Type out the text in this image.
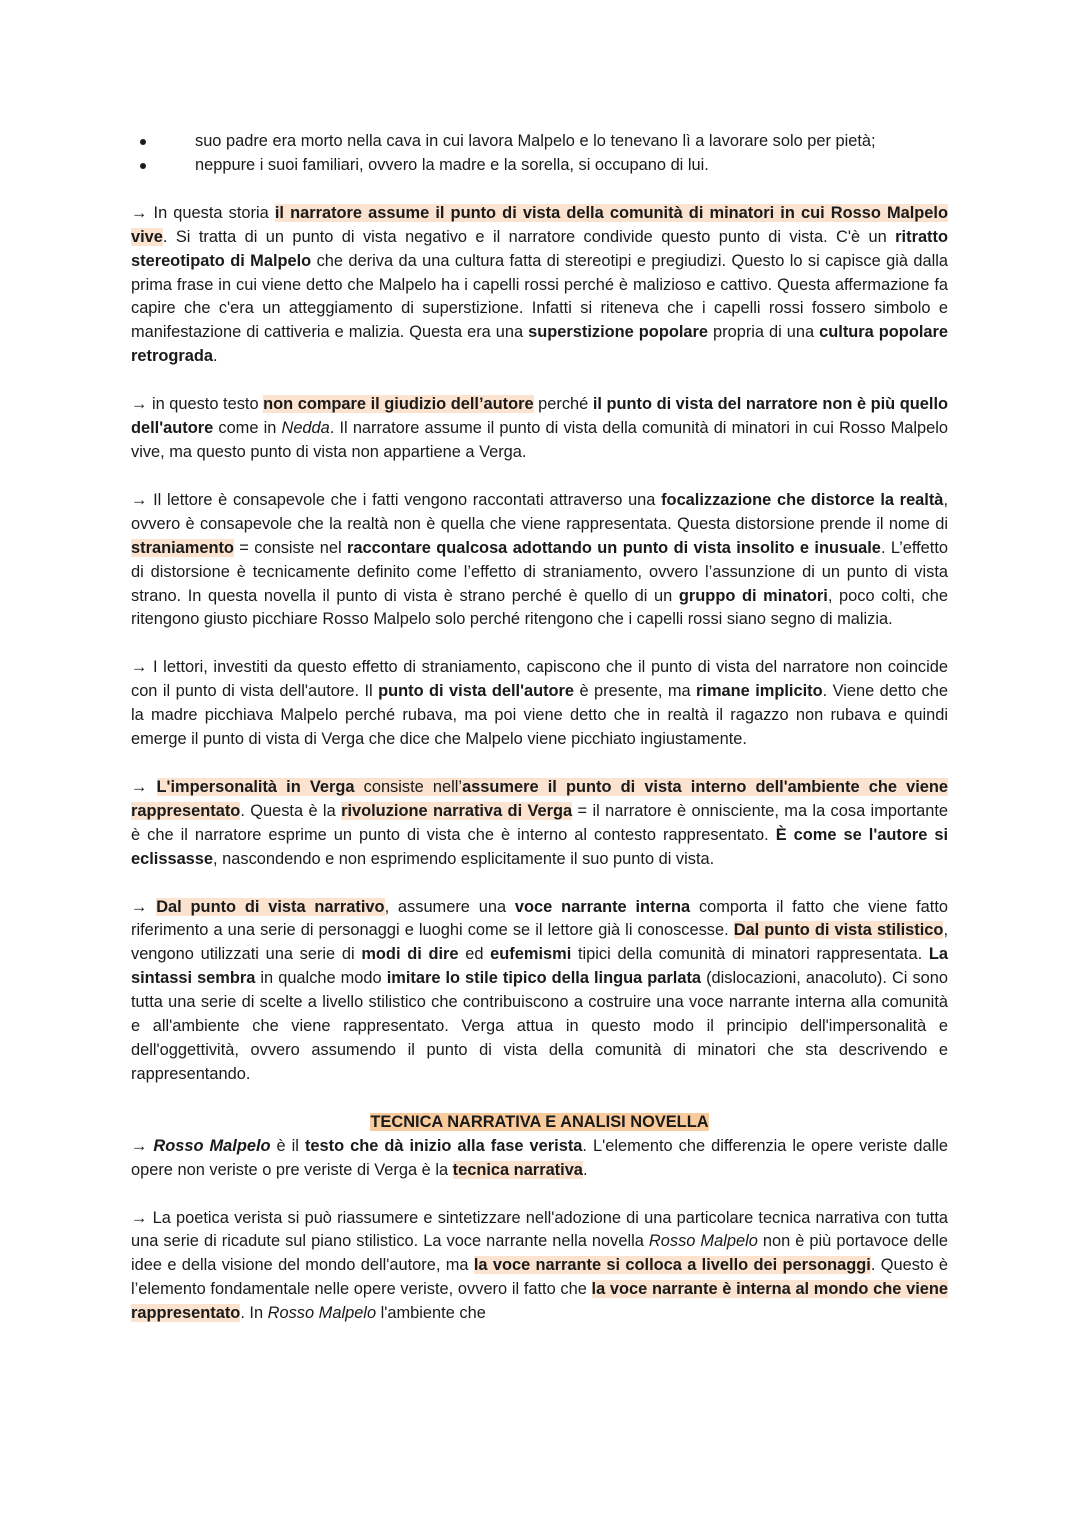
suo padre era morto nella cava in cui lavora Malpelo e lo tenevano lì a lavorare solo per pietà;
neppure i suoi familiari, ovvero la madre e la sorella, si occupano di lui.

→ In questa storia il narratore assume il punto di vista della comunità di minatori in cui Rosso Malpelo vive. Si tratta di un punto di vista negativo e il narratore condivide questo punto di vista. C'è un ritratto stereotipato di Malpelo che deriva da una cultura fatta di stereotipi e pregiudizi. Questo lo si capisce già dalla prima frase in cui viene detto che Malpelo ha i capelli rossi perché è malizioso e cattivo. Questa affermazione fa capire che c'era un atteggiamento di superstizione. Infatti si riteneva che i capelli rossi fossero simbolo e manifestazione di cattiveria e malizia. Questa era una superstizione popolare propria di una cultura popolare retrograda.

→ in questo testo non compare il giudizio dell’autore perché il punto di vista del narratore non è più quello dell'autore come in Nedda. Il narratore assume il punto di vista della comunità di minatori in cui Rosso Malpelo vive, ma questo punto di vista non appartiene a Verga.

→ Il lettore è consapevole che i fatti vengono raccontati attraverso una focalizzazione che distorce la realtà, ovvero è consapevole che la realtà non è quella che viene rappresentata. Questa distorsione prende il nome di straniamento = consiste nel raccontare qualcosa adottando un punto di vista insolito e inusuale. L’effetto di distorsione è tecnicamente definito come l’effetto di straniamento, ovvero l’assunzione di un punto di vista strano. In questa novella il punto di vista è strano perché è quello di un gruppo di minatori, poco colti, che ritengono giusto picchiare Rosso Malpelo solo perché ritengono che i capelli rossi siano segno di malizia.

→ I lettori, investiti da questo effetto di straniamento, capiscono che il punto di vista del narratore non coincide con il punto di vista dell'autore. Il punto di vista dell'autore è presente, ma rimane implicito. Viene detto che la madre picchiava Malpelo perché rubava, ma poi viene detto che in realtà il ragazzo non rubava e quindi emerge il punto di vista di Verga che dice che Malpelo viene picchiato ingiustamente.

→ L'impersonalità in Verga consiste nell’assumere il punto di vista interno dell'ambiente che viene rappresentato. Questa è la rivoluzione narrativa di Verga = il narratore è onnisciente, ma la cosa importante è che il narratore esprime un punto di vista che è interno al contesto rappresentato. È come se l'autore si eclissasse, nascondendo e non esprimendo esplicitamente il suo punto di vista.

→ Dal punto di vista narrativo, assumere una voce narrante interna comporta il fatto che viene fatto riferimento a una serie di personaggi e luoghi come se il lettore già li conoscesse. Dal punto di vista stilistico, vengono utilizzati una serie di modi di dire ed eufemismi tipici della comunità di minatori rappresentata. La sintassi sembra in qualche modo imitare lo stile tipico della lingua parlata (dislocazioni, anacoluto). Ci sono tutta una serie di scelte a livello stilistico che contribuiscono a costruire una voce narrante interna alla comunità e all'ambiente che viene rappresentato. Verga attua in questo modo il principio dell'impersonalità e dell'oggettività, ovvero assumendo il punto di vista della comunità di minatori che sta descrivendo e rappresentando.

TECNICA NARRATIVA E ANALISI NOVELLA

→ Rosso Malpelo è il testo che dà inizio alla fase verista. L'elemento che differenzia le opere veriste dalle opere non veriste o pre veriste di Verga è la tecnica narrativa.

→ La poetica verista si può riassumere e sintetizzare nell'adozione di una particolare tecnica narrativa con tutta una serie di ricadute sul piano stilistico. La voce narrante nella novella Rosso Malpelo non è più portavoce delle idee e della visione del mondo dell'autore, ma la voce narrante si colloca a livello dei personaggi. Questo è l’elemento fondamentale nelle opere veriste, ovvero il fatto che la voce narrante è interna al mondo che viene rappresentato. In Rosso Malpelo l'ambiente che
